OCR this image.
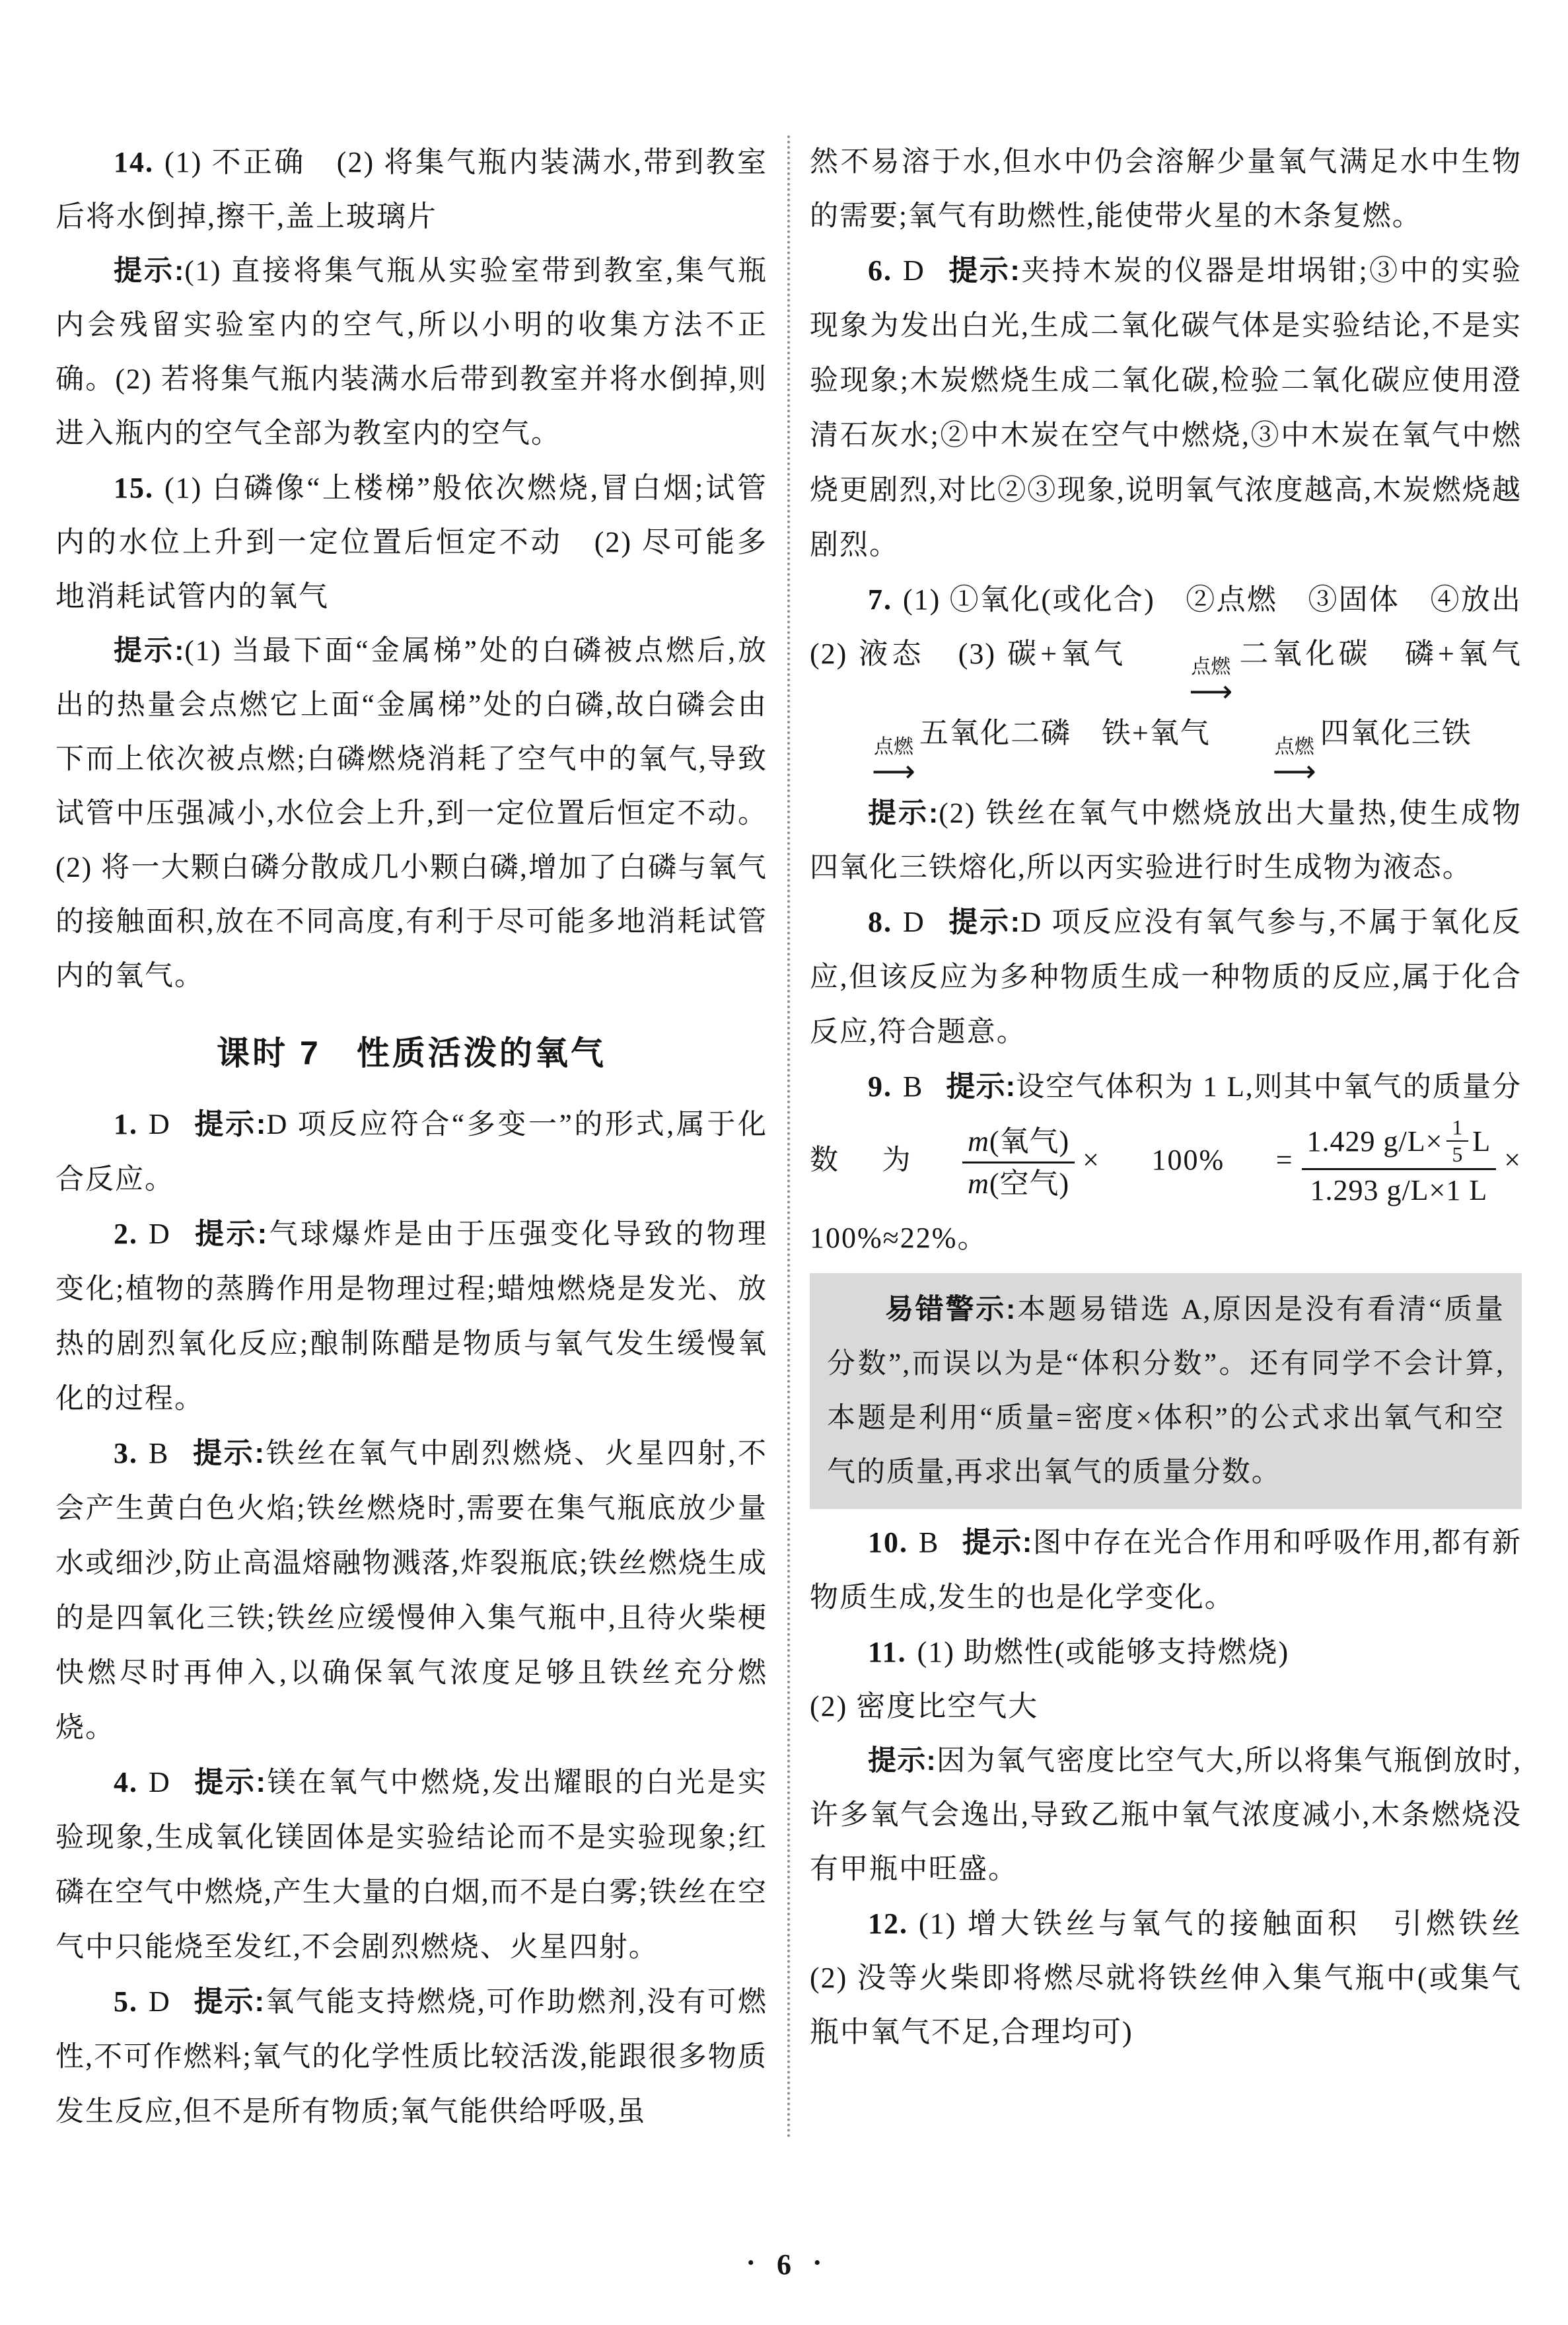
14. (1) 不正确　(2) 将集气瓶内装满水,带到教室后将水倒掉,擦干,盖上玻璃片

提示:(1) 直接将集气瓶从实验室带到教室,集气瓶内会残留实验室内的空气,所以小明的收集方法不正确。(2) 若将集气瓶内装满水后带到教室并将水倒掉,则进入瓶内的空气全部为教室内的空气。

15. (1) 白磷像“上楼梯”般依次燃烧,冒白烟;试管内的水位上升到一定位置后恒定不动　(2) 尽可能多地消耗试管内的氧气

提示:(1) 当最下面“金属梯”处的白磷被点燃后,放出的热量会点燃它上面“金属梯”处的白磷,故白磷会由下而上依次被点燃;白磷燃烧消耗了空气中的氧气,导致试管中压强减小,水位会上升,到一定位置后恒定不动。(2) 将一大颗白磷分散成几小颗白磷,增加了白磷与氧气的接触面积,放在不同高度,有利于尽可能多地消耗试管内的氧气。

课时 7　性质活泼的氧气

1. D 提示:D 项反应符合“多变一”的形式,属于化合反应。

2. D 提示:气球爆炸是由于压强变化导致的物理变化;植物的蒸腾作用是物理过程;蜡烛燃烧是发光、放热的剧烈氧化反应;酿制陈醋是物质与氧气发生缓慢氧化的过程。

3. B 提示:铁丝在氧气中剧烈燃烧、火星四射,不会产生黄白色火焰;铁丝燃烧时,需要在集气瓶底放少量水或细沙,防止高温熔融物溅落,炸裂瓶底;铁丝燃烧生成的是四氧化三铁;铁丝应缓慢伸入集气瓶中,且待火柴梗快燃尽时再伸入,以确保氧气浓度足够且铁丝充分燃烧。

4. D 提示:镁在氧气中燃烧,发出耀眼的白光是实验现象,生成氧化镁固体是实验结论而不是实验现象;红磷在空气中燃烧,产生大量的白烟,而不是白雾;铁丝在空气中只能烧至发红,不会剧烈燃烧、火星四射。

5. D 提示:氧气能支持燃烧,可作助燃剂,没有可燃性,不可作燃料;氧气的化学性质比较活泼,能跟很多物质发生反应,但不是所有物质;氧气能供给呼吸,虽

然不易溶于水,但水中仍会溶解少量氧气满足水中生物的需要;氧气有助燃性,能使带火星的木条复燃。

6. D 提示:夹持木炭的仪器是坩埚钳;③中的实验现象为发出白光,生成二氧化碳气体是实验结论,不是实验现象;木炭燃烧生成二氧化碳,检验二氧化碳应使用澄清石灰水;②中木炭在空气中燃烧,③中木炭在氧气中燃烧更剧烈,对比②③现象,说明氧气浓度越高,木炭燃烧越剧烈。

7. (1) ①氧化(或化合)　②点燃　③固体　④放出　(2) 液态　(3) 碳+氧气	点燃
⟶
二氧化碳　磷+氧气
点燃
⟶
五氧化二磷　铁+氧气	点燃
⟶
四氧化三铁

提示:(2) 铁丝在氧气中燃烧放出大量热,使生成物四氧化三铁熔化,所以丙实验进行时生成物为液态。

8. D 提示:D 项反应没有氧气参与,不属于氧化反应,但该反应为多种物质生成一种物质的反应,属于化合反应,符合题意。

9. B 提示:设空气体积为 1 L,则其中氧气的质量分数为 $\frac{\text{m (氧气)}}{\text{m(空气)}} \times 100\% = \frac{1.429 g/L\times \frac{1}{5} L}{1.293 g/L\times 1 L} \times 100\%\approx 22\%$。

易错警示:本题易错选 A,原因是没有看清“质量分数”,而误以为是“体积分数”。还有同学不会计算,本题是利用“质量=密度×体积”的公式求出氧气和空气的质量,再求出氧气的质量分数。

10. B 提示:图中存在光合作用和呼吸作用,都有新物质生成,发生的也是化学变化。

11. (1) 助燃性(或能够支持燃烧)
(2) 密度比空气大

提示:因为氧气密度比空气大,所以将集气瓶倒放时,许多氧气会逸出,导致乙瓶中氧气浓度减小,木条燃烧没有甲瓶中旺盛。

12. (1) 增大铁丝与氧气的接触面积　引燃铁丝　(2) 没等火柴即将燃尽就将铁丝伸入集气瓶中(或集气瓶中氧气不足,合理均可)

• 6 •
